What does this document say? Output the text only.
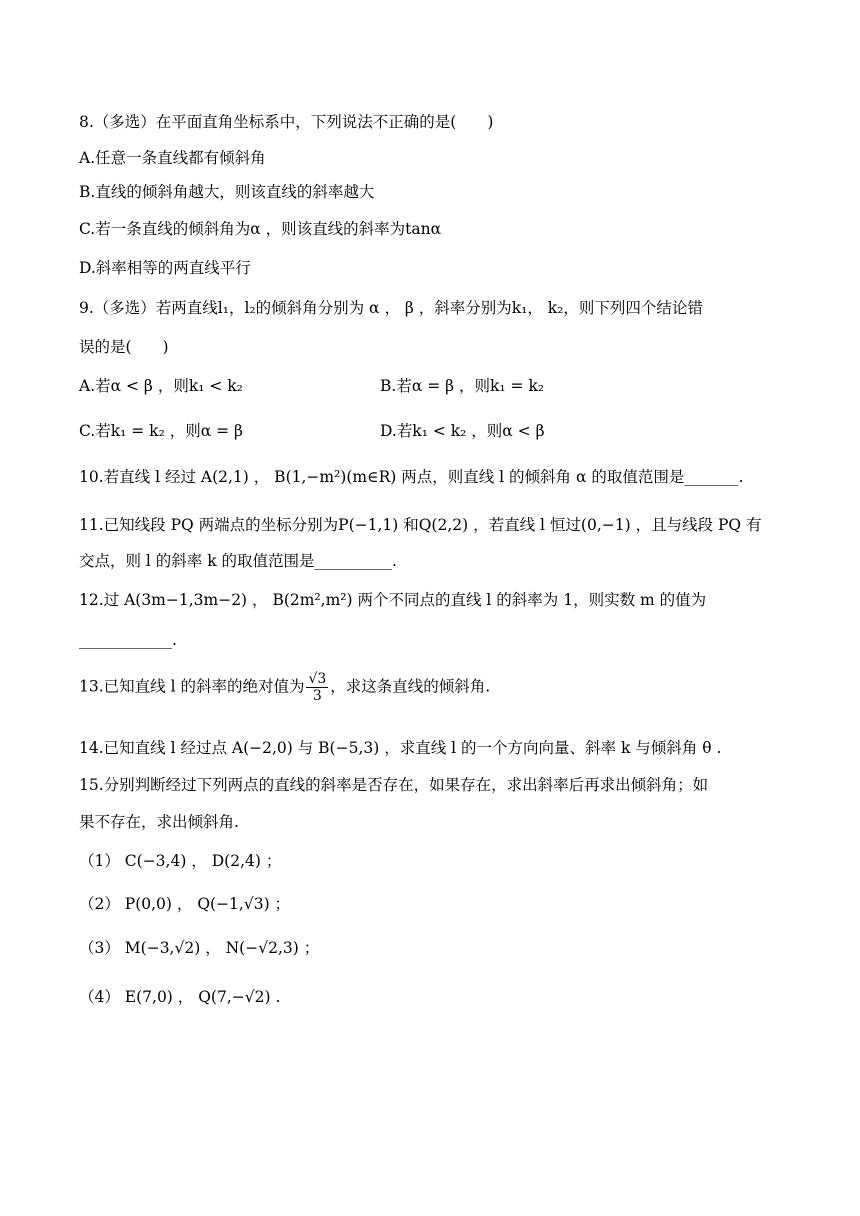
8.（多选）在平面直角坐标系中，下列说法不正确的是(　　)
A.任意一条直线都有倾斜角
B.直线的倾斜角越大，则该直线的斜率越大
C.若一条直线的倾斜角为α ，则该直线的斜率为tanα
D.斜率相等的两直线平行
9.（多选）若两直线l₁，l₂的倾斜角分别为 α ， β ，斜率分别为k₁， k₂，则下列四个结论错
误的是(　　)
A.若α < β ，则k₁ < k₂	B.若α = β ，则k₁ = k₂
C.若k₁ = k₂ ，则α = β	D.若k₁ < k₂ ，则α < β
10.若直线 l 经过 A(2,1) ， B(1,−m²)(m∈R) 两点，则直线 l 的倾斜角 α 的取值范围是_______.
11.已知线段 PQ 两端点的坐标分别为P(−1,1) 和Q(2,2) ，若直线 l 恒过(0,−1) ，且与线段 PQ 有
交点，则 l 的斜率 k 的取值范围是__________.
12.过 A(3m−1,3m−2) ， B(2m²,m²) 两个不同点的直线 l 的斜率为 1，则实数 m 的值为
____________.
13.已知直线 l 的斜率的绝对值为 $\frac{√3}{3}$ ，求这条直线的倾斜角.
14.已知直线 l 经过点 A(−2,0) 与 B(−5,3) ，求直线 l 的一个方向向量、斜率 k 与倾斜角 θ .
15.分别判断经过下列两点的直线的斜率是否存在，如果存在，求出斜率后再求出倾斜角；如
果不存在，求出倾斜角.
（1） C(−3,4) ， D(2,4) ；
（2） P(0,0) ， Q(−1,√3) ；
（3） M(−3,√2) ， N(−√2,3) ；
（4） E(7,0) ， Q(7,−√2) .
